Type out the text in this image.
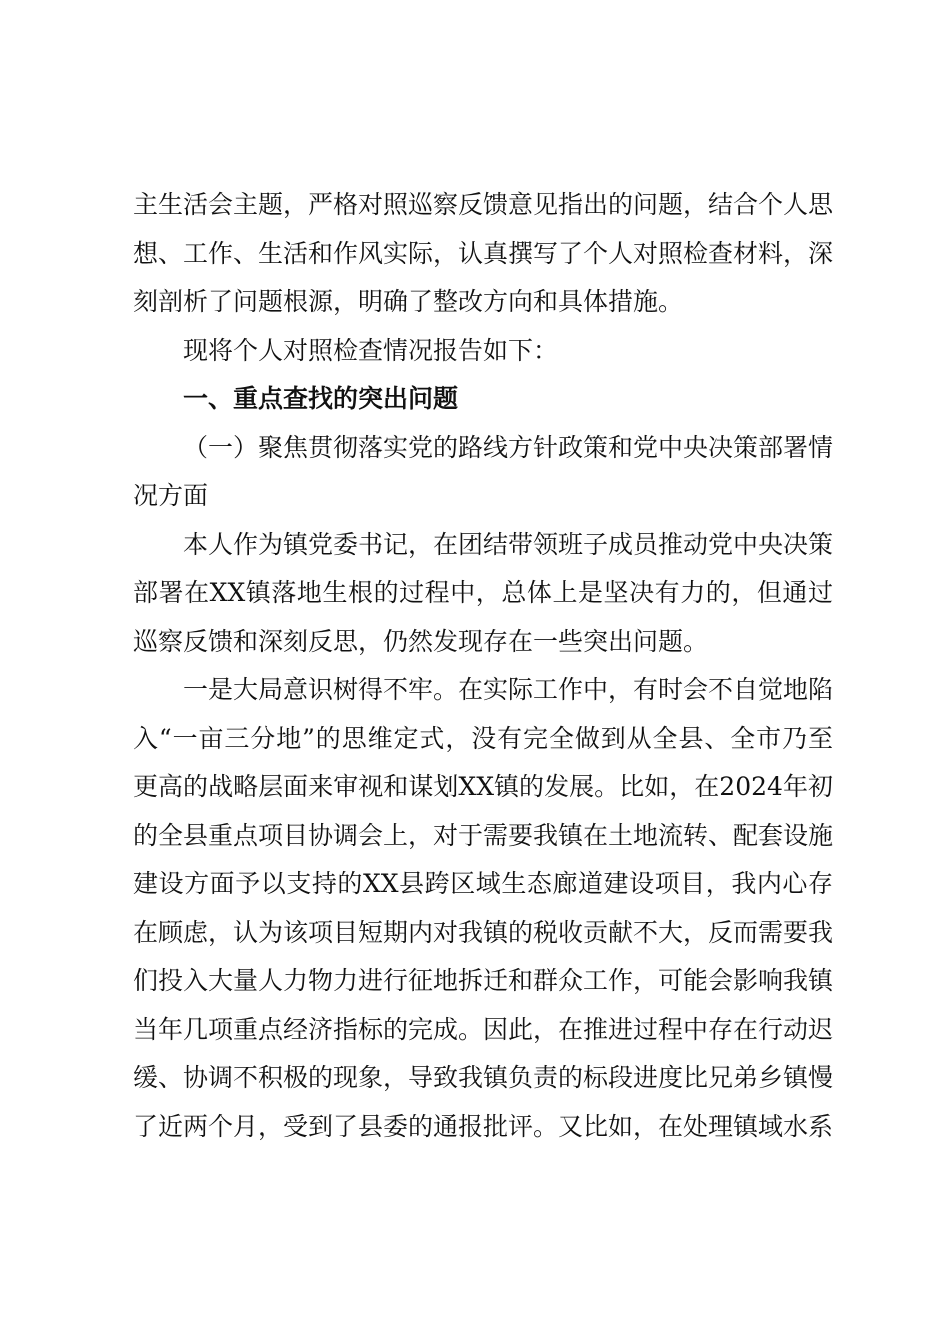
主生活会主题，严格对照巡察反馈意见指出的问题，结合个人思想、工作、生活和作风实际，认真撰写了个人对照检查材料，深刻剖析了问题根源，明确了整改方向和具体措施。

现将个人对照检查情况报告如下：

一、重点查找的突出问题

（一）聚焦贯彻落实党的路线方针政策和党中央决策部署情况方面

本人作为镇党委书记，在团结带领班子成员推动党中央决策部署在XX镇落地生根的过程中，总体上是坚决有力的，但通过巡察反馈和深刻反思，仍然发现存在一些突出问题。

一是大局意识树得不牢。在实际工作中，有时会不自觉地陷入“一亩三分地”的思维定式，没有完全做到从全县、全市乃至更高的战略层面来审视和谋划XX镇的发展。比如，在2024年初的全县重点项目协调会上，对于需要我镇在土地流转、配套设施建设方面予以支持的XX县跨区域生态廊道建设项目，我内心存在顾虑，认为该项目短期内对我镇的税收贡献不大，反而需要我们投入大量人力物力进行征地拆迁和群众工作，可能会影响我镇当年几项重点经济指标的完成。因此，在推进过程中存在行动迟缓、协调不积极的现象，导致我镇负责的标段进度比兄弟乡镇慢了近两个月，受到了县委的通报批评。又比如，在处理镇域水系
